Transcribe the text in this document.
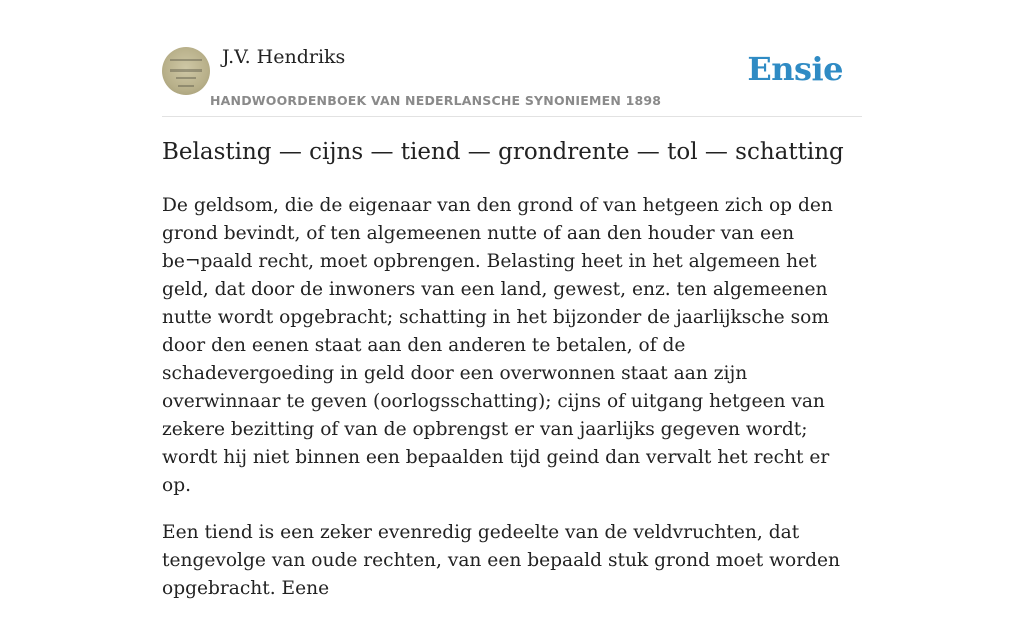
J.V. Hendriks
HANDWOORDENBOEK VAN NEDERLANSCHE SYNONIEMEN 1898
Ensie
Belasting — cijns — tiend — grondrente — tol — schatting

De geldsom, die de eigenaar van den grond of van hetgeen zich op den grond bevindt, of ten algemeenen nutte of aan den houder van een be¬paald recht, moet opbrengen. Belasting heet in het algemeen het geld, dat door de inwoners van een land, gewest, enz. ten algemeenen nutte wordt opgebracht; schatting in het bijzonder de jaarlijksche som door den eenen staat aan den anderen te betalen, of de schadevergoeding in geld door een overwonnen staat aan zijn overwinnaar te geven (oorlogsschatting); cijns of uitgang hetgeen van zekere bezitting of van de opbrengst er van jaarlijks gegeven wordt; wordt hij niet binnen een bepaalden tijd geind dan vervalt het recht er op.

Een tiend is een zeker evenredig gedeelte van de veldvruchten, dat tengevolge van oude rechten, van een bepaald stuk grond moet worden opgebracht. Eene
